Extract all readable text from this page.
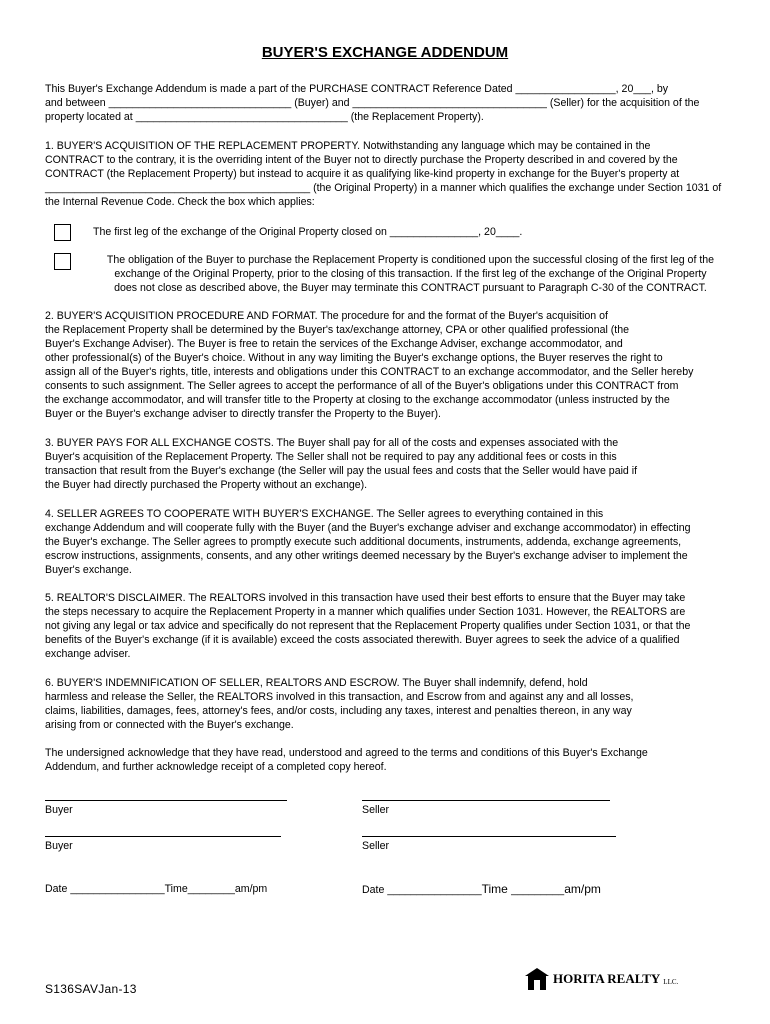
BUYER'S EXCHANGE ADDENDUM

This Buyer's Exchange Addendum is made a part of the PURCHASE CONTRACT Reference Dated _________________, 20___, by

and between _______________________________ (Buyer) and _________________________________ (Seller) for the acquisition of the

property located at ____________________________________ (the Replacement Property).

1. BUYER'S ACQUISITION OF THE REPLACEMENT PROPERTY. Notwithstanding any language which may be contained in the

CONTRACT to the contrary, it is the overriding intent of the Buyer not to directly purchase the Property described in and covered by the

CONTRACT (the Replacement Property) but instead to acquire it as qualifying like-kind property in exchange for the Buyer's property at

_____________________________________________ (the Original Property) in a manner which qualifies the exchange under Section 1031 of

the Internal Revenue Code. Check the box which applies:

The first leg of the exchange of the Original Property closed on _______________, 20____.
The obligation of the Buyer to purchase the Replacement Property is conditioned upon the successful closing of the first leg of the
exchange of the Original Property, prior to the closing of this transaction. If the first leg of the exchange of the Original Property
does not close as described above, the Buyer may terminate this CONTRACT pursuant to Paragraph C-30 of the CONTRACT.

2. BUYER'S ACQUISITION PROCEDURE AND FORMAT. The procedure for and the format of the Buyer's acquisition of

the Replacement Property shall be determined by the Buyer's tax/exchange attorney, CPA or other qualified professional (the

Buyer's Exchange Adviser). The Buyer is free to retain the services of the Exchange Adviser, exchange accommodator, and

other professional(s) of the Buyer's choice. Without in any way limiting the Buyer's exchange options, the Buyer reserves the right to

assign all of the Buyer's rights, title, interests and obligations under this CONTRACT to an exchange accommodator, and the Seller hereby

consents to such assignment. The Seller agrees to accept the performance of all of the Buyer's obligations under this CONTRACT from

the exchange accommodator, and will transfer title to the Property at closing to the exchange accommodator (unless instructed by the

Buyer or the Buyer's exchange adviser to directly transfer the Property to the Buyer).

3. BUYER PAYS FOR ALL EXCHANGE COSTS. The Buyer shall pay for all of the costs and expenses associated with the

Buyer's acquisition of the Replacement Property. The Seller shall not be required to pay any additional fees or costs in this

transaction that result from the Buyer's exchange (the Seller will pay the usual fees and costs that the Seller would have paid if

the Buyer had directly purchased the Property without an exchange).

4. SELLER AGREES TO COOPERATE WITH BUYER'S EXCHANGE. The Seller agrees to everything contained in this

exchange Addendum and will cooperate fully with the Buyer (and the Buyer's exchange adviser and exchange accommodator) in effecting

the Buyer's exchange. The Seller agrees to promptly execute such additional documents, instruments, addenda, exchange agreements,

escrow instructions, assignments, consents, and any other writings deemed necessary by the Buyer's exchange adviser to implement the

Buyer's exchange.

5. REALTOR'S DISCLAIMER. The REALTORS involved in this transaction have used their best efforts to ensure that the Buyer may take

the steps necessary to acquire the Replacement Property in a manner which qualifies under Section 1031. However, the REALTORS are

not giving any legal or tax advice and specifically do not represent that the Replacement Property qualifies under Section 1031, or that the

benefits of the Buyer's exchange (if it is available) exceed the costs associated therewith. Buyer agrees to seek the advice of a qualified

exchange adviser.

6. BUYER'S INDEMNIFICATION OF SELLER, REALTORS AND ESCROW. The Buyer shall indemnify, defend, hold

harmless and release the Seller, the REALTORS involved in this transaction, and Escrow from and against any and all losses,

claims, liabilities, damages, fees, attorney's fees, and/or costs, including any taxes, interest and penalties thereon, in any way

arising from or connected with the Buyer's exchange.

The undersigned acknowledge that they have read, understood and agreed to the terms and conditions of this Buyer's Exchange

Addendum, and further acknowledge receipt of a completed copy hereof.

Buyer	Seller
Buyer	Seller
Date ________________Time________am/pm	Date ________________Time _________am/pm
S136SAVJan-13
HORITA REALTY LLC.
